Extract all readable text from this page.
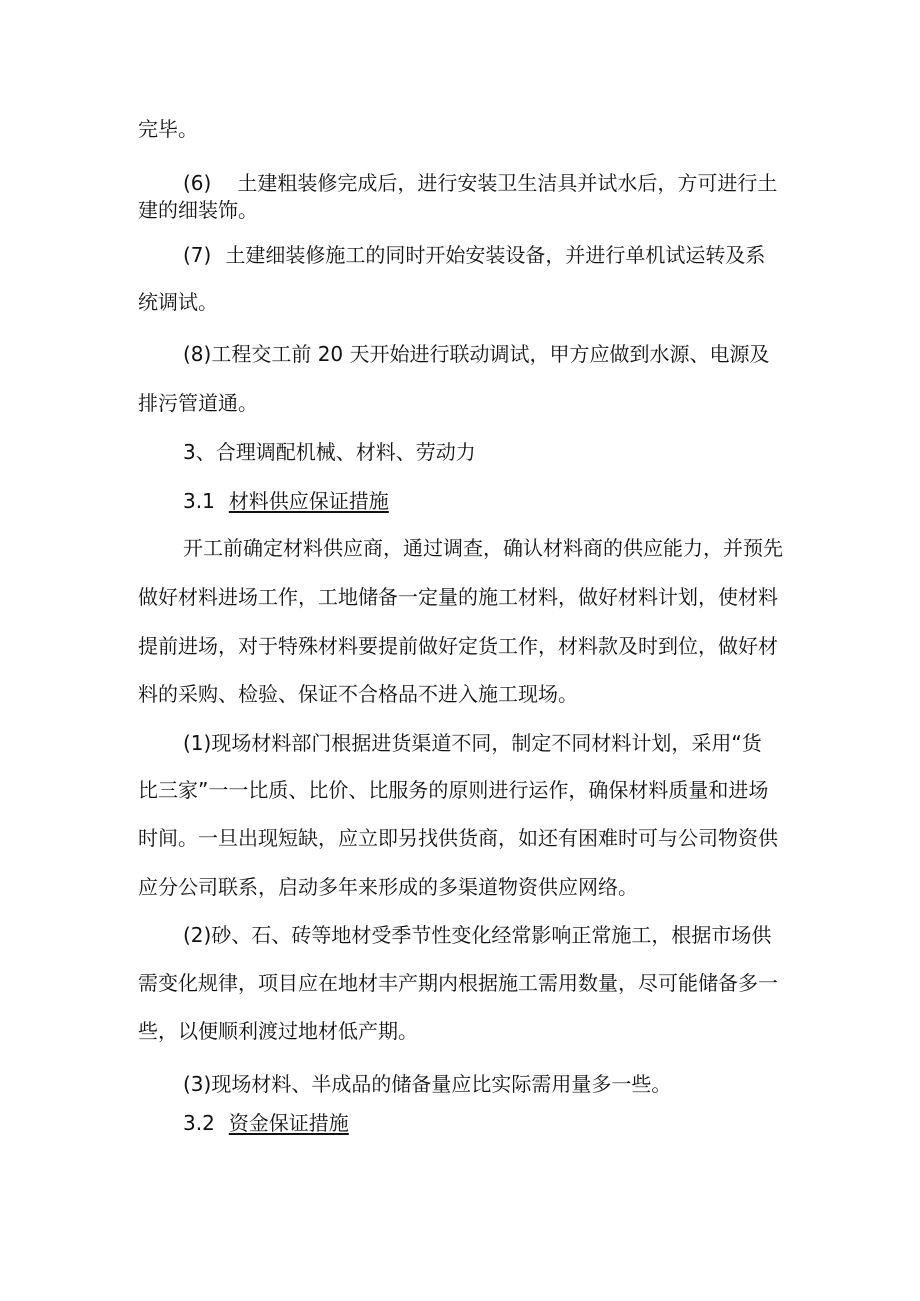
完毕。
(6) 土建粗装修完成后，进行安装卫生洁具并试水后，方可进行土
建的细装饰。
(7) 土建细装修施工的同时开始安装设备，并进行单机试运转及系
统调试。
(8)工程交工前 20 天开始进行联动调试，甲方应做到水源、电源及
排污管道通。
3、合理调配机械、材料、劳动力
3.1 材料供应保证措施
开工前确定材料供应商，通过调查，确认材料商的供应能力，并预先
做好材料进场工作，工地储备一定量的施工材料，做好材料计划，使材料
提前进场，对于特殊材料要提前做好定货工作，材料款及时到位，做好材
料的采购、检验、保证不合格品不进入施工现场。
(1)现场材料部门根据进货渠道不同，制定不同材料计划，采用“货
比三家”一一比质、比价、比服务的原则进行运作，确保材料质量和进场
时间。一旦出现短缺，应立即另找供货商，如还有困难时可与公司物资供
应分公司联系，启动多年来形成的多渠道物资供应网络。
(2)砂、石、砖等地材受季节性变化经常影响正常施工，根据市场供
需变化规律，项目应在地材丰产期内根据施工需用数量，尽可能储备多一
些，以便顺利渡过地材低产期。
(3)现场材料、半成品的储备量应比实际需用量多一些。
3.2 资金保证措施
